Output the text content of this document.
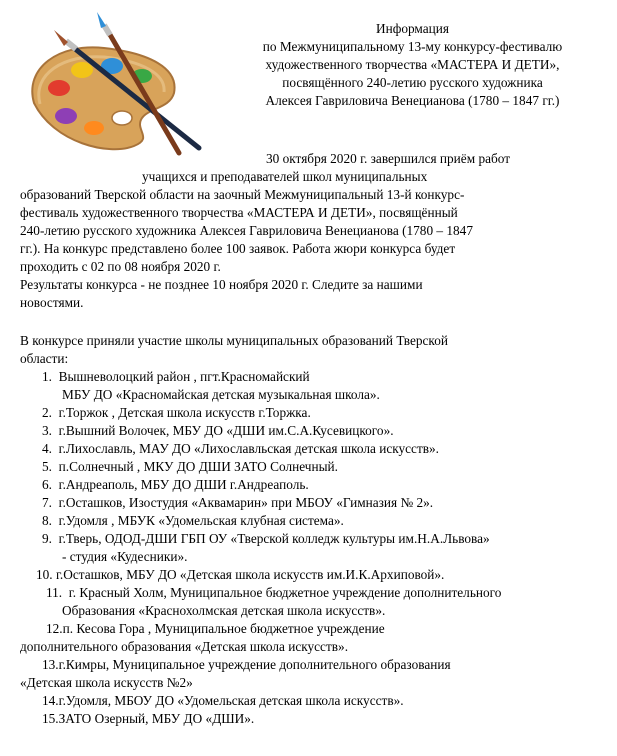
Информация
по Межмуниципальному 13-му конкурсу-фестивалю
художественного творчества «МАСТЕРА И ДЕТИ»,
посвящённого 240-летию русского художника
Алексея Гавриловича Венецианова (1780 – 1847 гг.)

30 октября 2020 г. завершился приём работ

учащихся и преподавателей школ муниципальных

образований Тверской области на заочный Межмуниципальный 13-й конкурс-

фестиваль художественного творчества «МАСТЕРА И ДЕТИ», посвящённый

240-летию русского художника Алексея Гавриловича Венецианова (1780 – 1847

гг.). На конкурс представлено более 100 заявок. Работа жюри конкурса будет

проходить с 02 по 08 ноября 2020 г.

Результаты конкурса - не позднее 10 ноября 2020 г. Следите за нашими

новостями.

В конкурсе приняли участие школы муниципальных образований Тверской

области:

1. Вышневолоцкий район , пгт.Красномайский
МБУ ДО «Красномайская детская музыкальная школа».
2. г.Торжок , Детская школа искусств г.Торжка.
3. г.Вышний Волочек, МБУ ДО «ДШИ им.С.А.Кусевицкого».
4. г.Лихославль, МАУ ДО «Лихославльская детская школа искусств».
5. п.Солнечный , МКУ ДО ДШИ ЗАТО Солнечный.
6. г.Андреаполь, МБУ ДО ДШИ г.Андреаполь.
7. г.Осташков, Изостудия «Аквамарин» при МБОУ «Гимназия № 2».
8. г.Удомля , МБУК «Удомельская клубная система».
9. г.Тверь, ОДОД-ДШИ ГБП ОУ «Тверской колледж культуры им.Н.А.Львова»
- студия «Кудесники».
10. г.Осташков, МБУ ДО «Детская школа искусств им.И.К.Архиповой».
11. г. Красный Холм, Муниципальное бюджетное учреждение дополнительного
Образования «Краснохолмская детская школа искусств».
12.п. Кесова Гора , Муниципальное бюджетное учреждение
дополнительного образования «Детская школа искусств».
13.г.Кимры, Муниципальное учреждение дополнительного образования
«Детская школа искусств №2»
14.г.Удомля, МБОУ ДО «Удомельская детская школа искусств».
15.ЗАТО Озерный, МБУ ДО «ДШИ».
